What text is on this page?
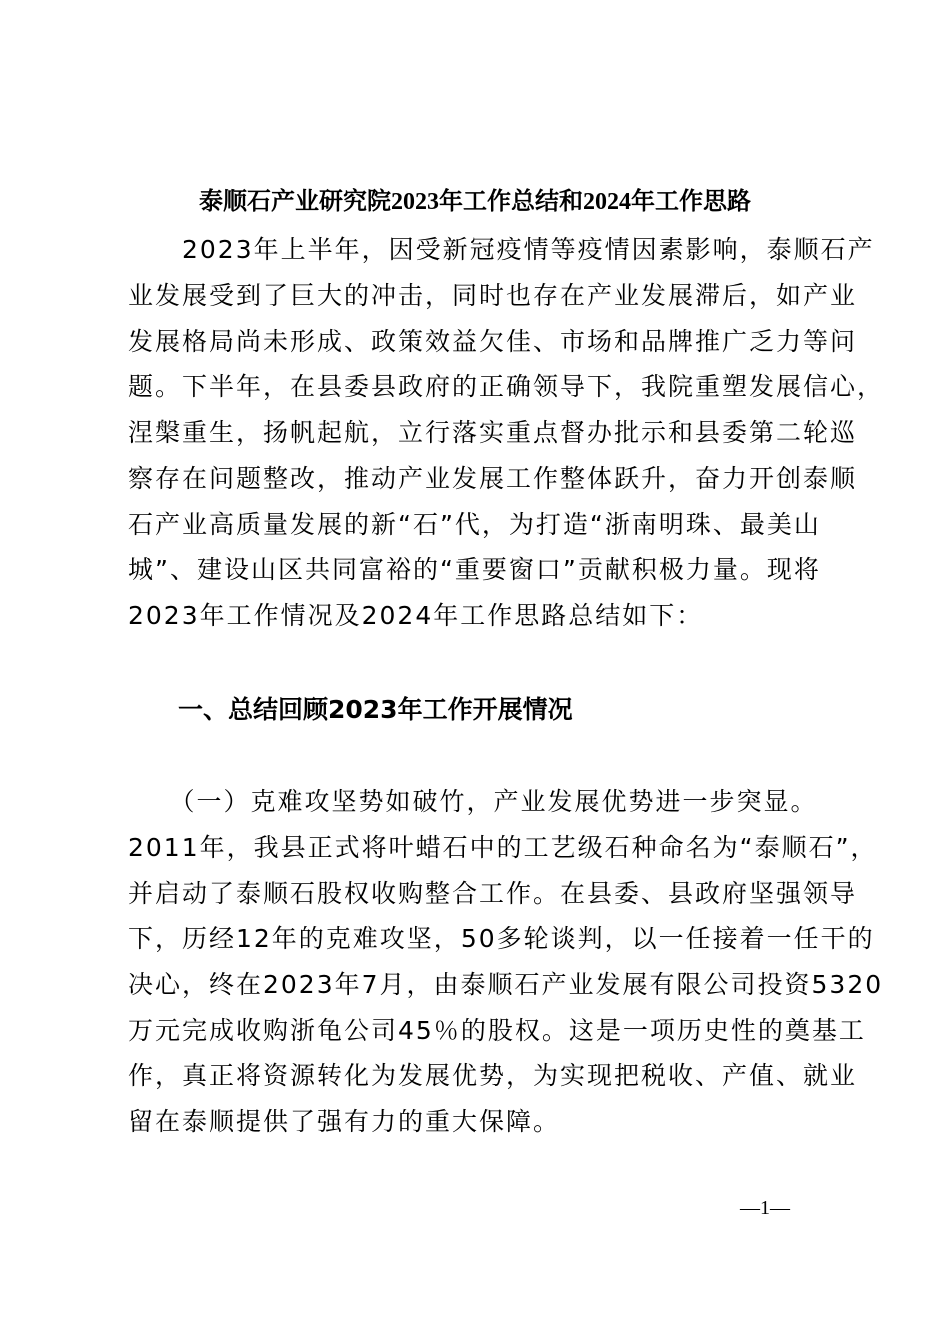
泰顺石产业研究院2023年工作总结和2024年工作思路
　　2023年上半年，因受新冠疫情等疫情因素影响，泰顺石产
业发展受到了巨大的冲击，同时也存在产业发展滞后，如产业
发展格局尚未形成、政策效益欠佳、市场和品牌推广乏力等问
题。下半年，在县委县政府的正确领导下，我院重塑发展信心，
涅槃重生，扬帆起航，立行落实重点督办批示和县委第二轮巡
察存在问题整改，推动产业发展工作整体跃升，奋力开创泰顺
石产业高质量发展的新“石”代，为打造“浙南明珠、最美山
城”、建设山区共同富裕的“重要窗口”贡献积极力量。现将
2023年工作情况及2024年工作思路总结如下：
一、总结回顾2023年工作开展情况
　　（一）克难攻坚势如破竹，产业发展优势进一步突显。
2011年，我县正式将叶蜡石中的工艺级石种命名为“泰顺石”，
并启动了泰顺石股权收购整合工作。在县委、县政府坚强领导
下，历经12年的克难攻坚，50多轮谈判，以一任接着一任干的
决心，终在2023年7月，由泰顺石产业发展有限公司投资5320
万元完成收购浙龟公司45％的股权。这是一项历史性的奠基工
作，真正将资源转化为发展优势，为实现把税收、产值、就业
留在泰顺提供了强有力的重大保障。
—1—
